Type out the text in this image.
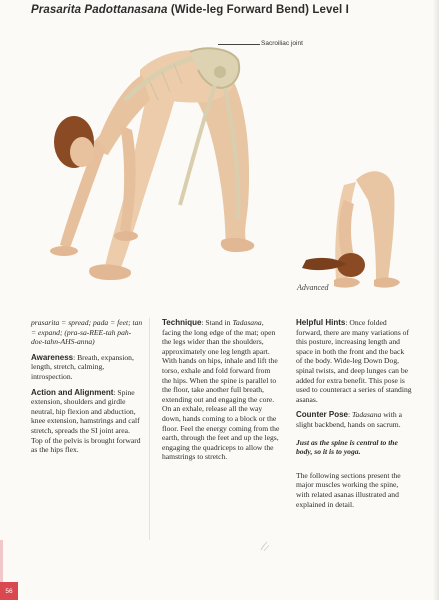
Prasarita Padottanasana (Wide-leg Forward Bend) Level I
Sacroiliac joint
Advanced

prasarita = spread; pada = feet; tan = expand; (pra-sa-REE-tah pah-doe-tahn-AHS-anna)

Awareness: Breath, expansion, length, stretch, calming, introspection.

Action and Alignment: Spine extension, shoulders and girdle neutral, hip flexion and abduction, knee extension, hamstrings and calf stretch, spreads the SI joint area. Top of the pelvis is brought forward as the hips flex.

Technique: Stand in Tadasana, facing the long edge of the mat; open the legs wider than the shoulders, approximately one leg length apart. With hands on hips, inhale and lift the torso, exhale and fold forward from the hips. When the spine is parallel to the floor, take another full breath, extending out and engaging the core. On an exhale, release all the way down, hands coming to a block or the floor. Feel the energy coming from the earth, through the feet and up the legs, engaging the quadriceps to allow the hamstrings to stretch.

Helpful Hints: Once folded forward, there are many variations of this posture, increasing length and space in both the front and the back of the body. Wide-leg Down Dog, spinal twists, and deep lunges can be added for extra benefit. This pose is used to counteract a series of standing asanas.

Counter Pose: Tadasana with a slight backbend, hands on sacrum.

Just as the spine is central to the body, so it is to yoga.

The following sections present the major muscles working the spine, with related asanas illustrated and explained in detail.

56
